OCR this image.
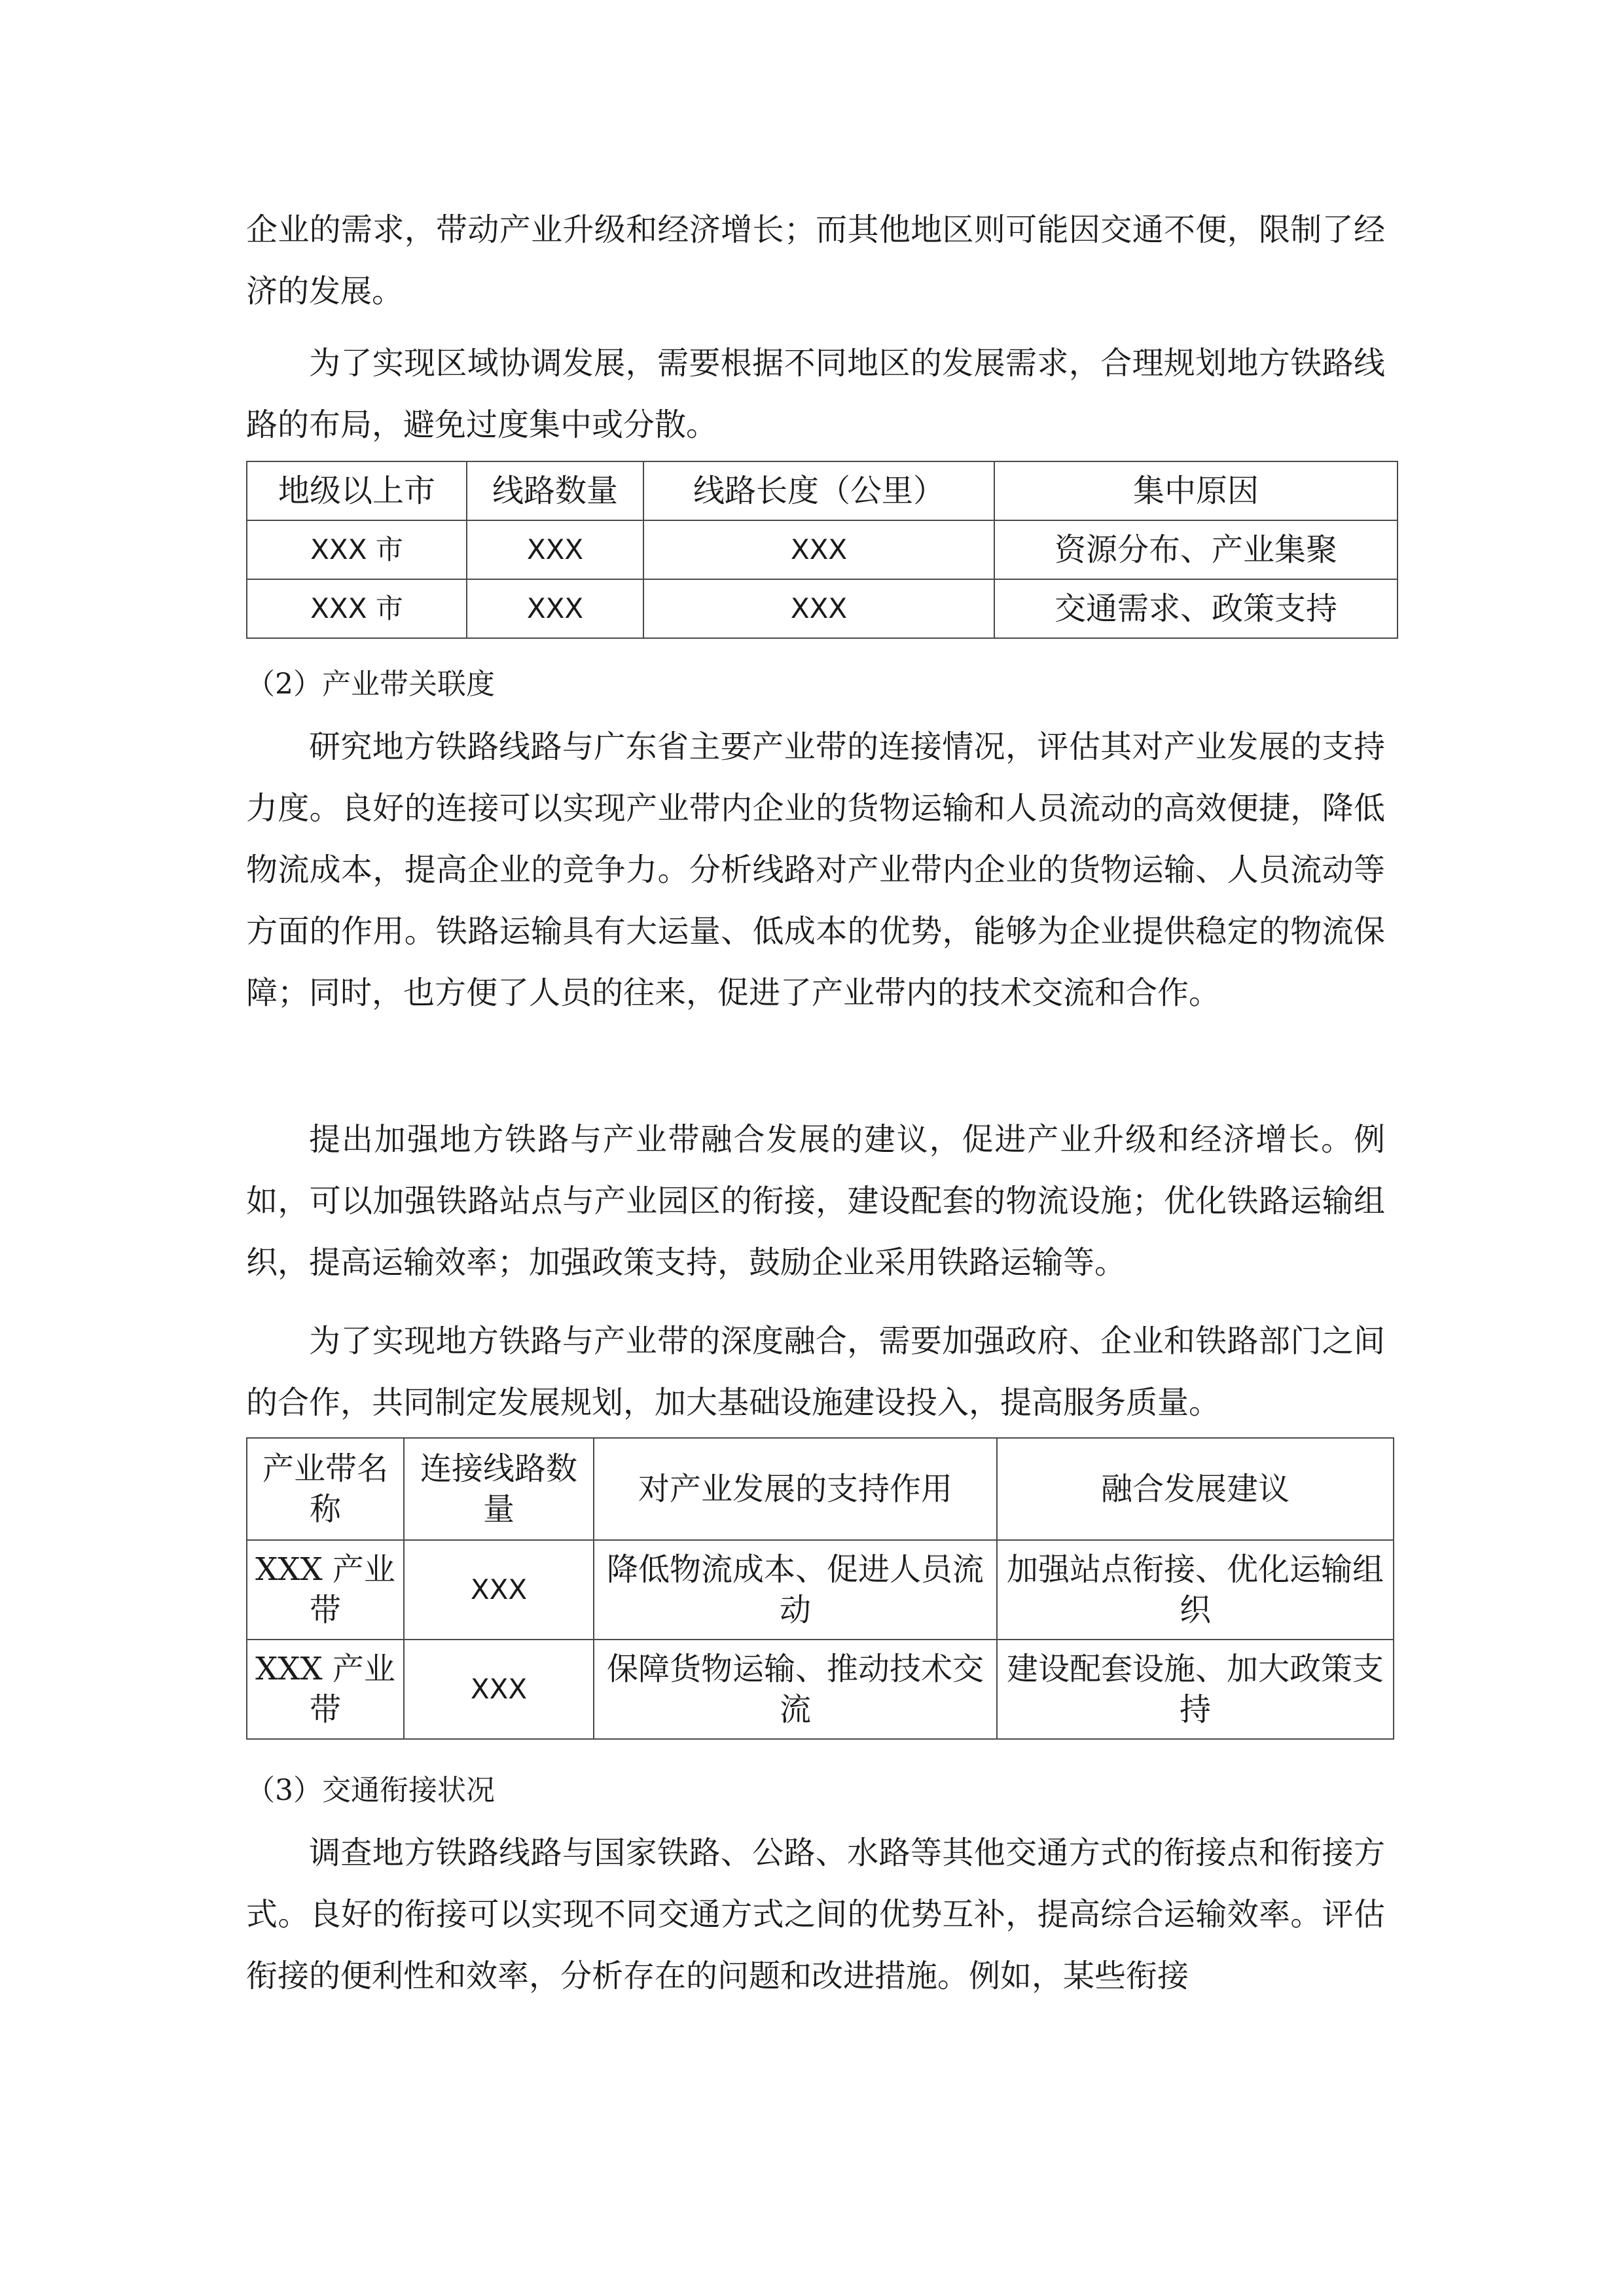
企业的需求，带动产业升级和经济增长；而其他地区则可能因交通不便，限制了经济的发展。

为了实现区域协调发展，需要根据不同地区的发展需求，合理规划地方铁路线路的布局，避免过度集中或分散。

地级以上市	线路数量	线路长度（公里）	集中原因
XXX 市	XXX	XXX	资源分布、产业集聚
XXX 市	XXX	XXX	交通需求、政策支持

（2）产业带关联度

研究地方铁路线路与广东省主要产业带的连接情况，评估其对产业发展的支持力度。良好的连接可以实现产业带内企业的货物运输和人员流动的高效便捷，降低物流成本，提高企业的竞争力。分析线路对产业带内企业的货物运输、人员流动等方面的作用。铁路运输具有大运量、低成本的优势，能够为企业提供稳定的物流保障；同时，也方便了人员的往来，促进了产业带内的技术交流和合作。

提出加强地方铁路与产业带融合发展的建议，促进产业升级和经济增长。例如，可以加强铁路站点与产业园区的衔接，建设配套的物流设施；优化铁路运输组织，提高运输效率；加强政策支持，鼓励企业采用铁路运输等。

为了实现地方铁路与产业带的深度融合，需要加强政府、企业和铁路部门之间的合作，共同制定发展规划，加大基础设施建设投入，提高服务质量。

产业带名称	连接线路数量	对产业发展的支持作用	融合发展建议
XXX 产业带	XXX	降低物流成本、促进人员流动	加强站点衔接、优化运输组织
XXX 产业带	XXX	保障货物运输、推动技术交流	建设配套设施、加大政策支持

（3）交通衔接状况

调查地方铁路线路与国家铁路、公路、水路等其他交通方式的衔接点和衔接方式。良好的衔接可以实现不同交通方式之间的优势互补，提高综合运输效率。评估衔接的便利性和效率，分析存在的问题和改进措施。例如，某些衔接
